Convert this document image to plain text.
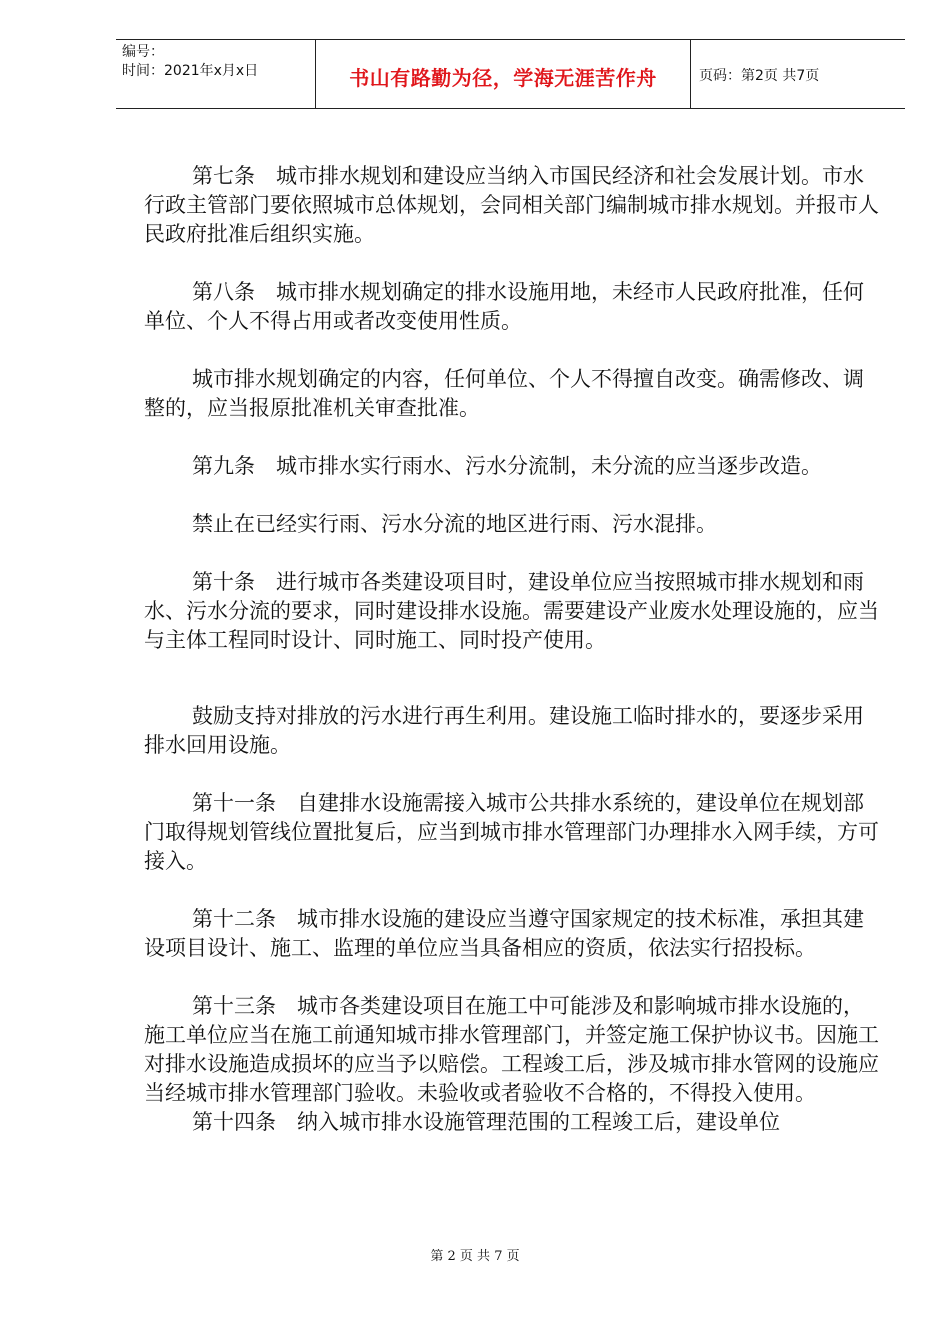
编号：
时间：2021年x月x日	书山有路勤为径，学海无涯苦作舟	页码：第2页 共7页

第七条　城市排水规划和建设应当纳入市国民经济和社会发展计划。市水行政主管部门要依照城市总体规划，会同相关部门编制城市排水规划。并报市人民政府批准后组织实施。

第八条　城市排水规划确定的排水设施用地，未经市人民政府批准，任何单位、个人不得占用或者改变使用性质。

城市排水规划确定的内容，任何单位、个人不得擅自改变。确需修改、调整的，应当报原批准机关审查批准。

第九条　城市排水实行雨水、污水分流制，未分流的应当逐步改造。

禁止在已经实行雨、污水分流的地区进行雨、污水混排。

第十条　进行城市各类建设项目时，建设单位应当按照城市排水规划和雨水、污水分流的要求，同时建设排水设施。需要建设产业废水处理设施的，应当与主体工程同时设计、同时施工、同时投产使用。

鼓励支持对排放的污水进行再生利用。建设施工临时排水的，要逐步采用排水回用设施。

第十一条　自建排水设施需接入城市公共排水系统的，建设单位在规划部门取得规划管线位置批复后，应当到城市排水管理部门办理排水入网手续，方可接入。

第十二条　城市排水设施的建设应当遵守国家规定的技术标准，承担其建设项目设计、施工、监理的单位应当具备相应的资质，依法实行招投标。

第十三条　城市各类建设项目在施工中可能涉及和影响城市排水设施的，施工单位应当在施工前通知城市排水管理部门，并签定施工保护协议书。因施工对排水设施造成损坏的应当予以赔偿。工程竣工后，涉及城市排水管网的设施应当经城市排水管理部门验收。未验收或者验收不合格的，不得投入使用。

第十四条　纳入城市排水设施管理范围的工程竣工后，建设单位

第 2 页 共 7 页
